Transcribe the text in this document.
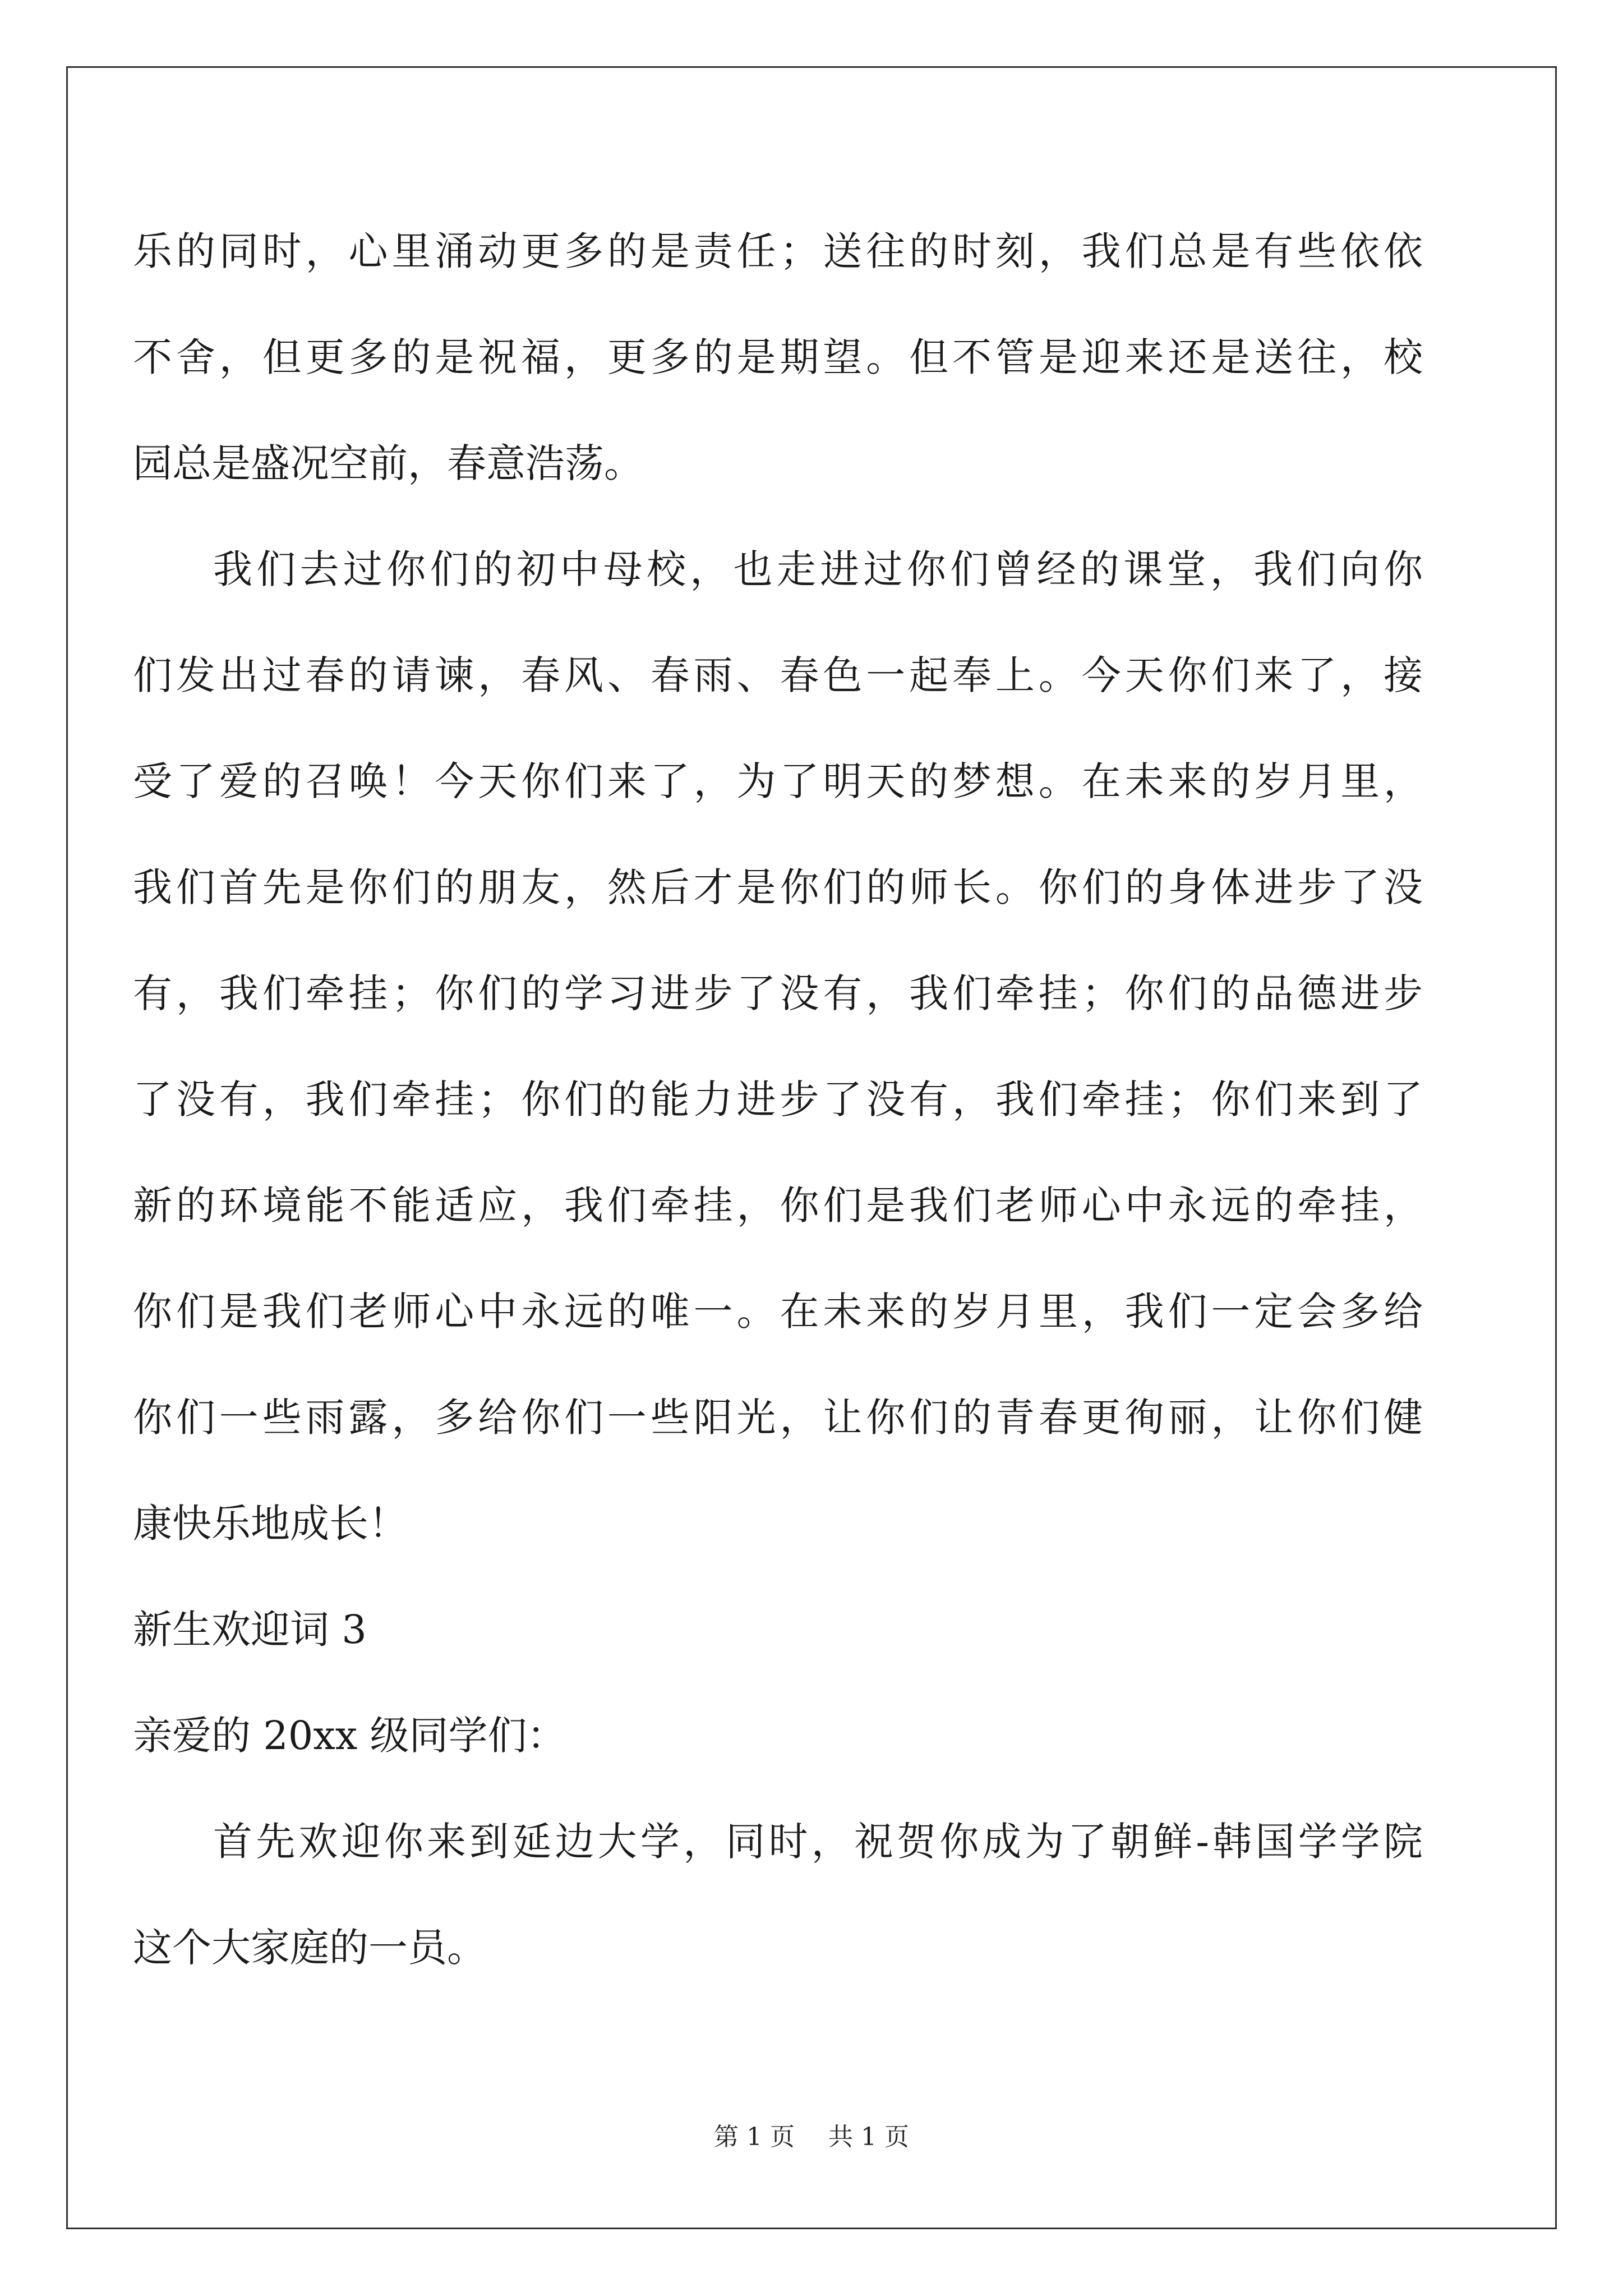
乐的同时，心里涌动更多的是责任；送往的时刻，我们总是有些依依
不舍，但更多的是祝福，更多的是期望。但不管是迎来还是送往，校
园总是盛况空前，春意浩荡。
我们去过你们的初中母校，也走进过你们曾经的课堂，我们向你
们发出过春的请谏，春风、春雨、春色一起奉上。今天你们来了，接
受了爱的召唤！今天你们来了，为了明天的梦想。在未来的岁月里，
我们首先是你们的朋友，然后才是你们的师长。你们的身体进步了没
有，我们牵挂；你们的学习进步了没有，我们牵挂；你们的品德进步
了没有，我们牵挂；你们的能力进步了没有，我们牵挂；你们来到了
新的环境能不能适应，我们牵挂，你们是我们老师心中永远的牵挂，
你们是我们老师心中永远的唯一。在未来的岁月里，我们一定会多给
你们一些雨露，多给你们一些阳光，让你们的青春更徇丽，让你们健
康快乐地成长！
新生欢迎词 3
亲爱的 20xx 级同学们：
首先欢迎你来到延边大学，同时，祝贺你成为了朝鲜-韩国学学院
这个大家庭的一员。
第 1 页 共 1 页
